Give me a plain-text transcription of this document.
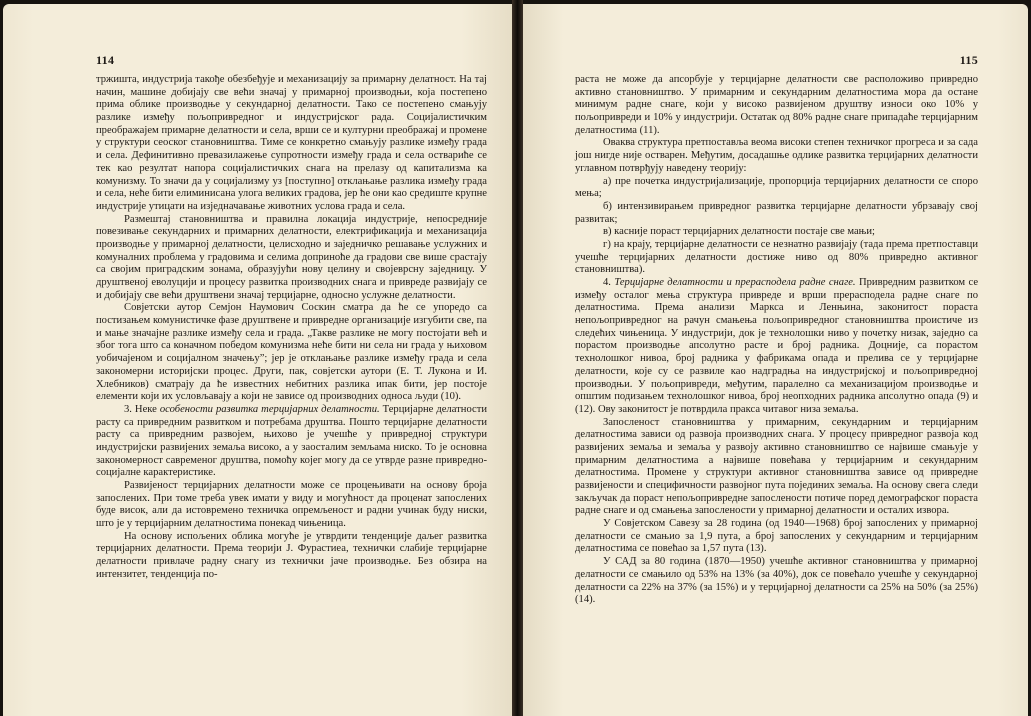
114

тржишта, индустрија такође обезбеђује и механизацију за примарну делатност. На тај начин, машине добијају све већи значај у примарној производњи, која постепено прима облике производње у секундарној делатности. Тако се постепено смањују разлике између пољопривредног и индустријског рада. Социјалистичким преображајем примарне делатности и села, врши се и културни преображај и промене у структури сеоског становништва. Тиме се конкретно смањују разлике између града и села. Дефинитивно превазилажење супротности између града и села оствариће се тек као резултат напора социјалистичких снага на прелазу од капитализма ка комунизму. То значи да у социјализму уз [поступно] отклањање разлика између града и села, неће бити елиминисана улога великих градова, јер ће они као средиште крупне индустрије утицати на изједначавање животних услова града и села.

Размештај становништва и правилна локација индустрије, непосредније повезивање секундарних и примарних делатности, електрификација и механизација производње у примарној делатности, целисходно и заједничко решавање услужних и комуналних проблема у градовима и селима доприноће да градови све више срастају са својим приградским зонама, образујући нову целину и својеврсну заједницу. У друштвеној еволуцији и процесу развитка производних снага и привреде развијају се и добијају све већи друштвени значај терцијарне, односно услужне делатности.

Совјетски аутор Семјон Наумович Соскин сматра да ће се упоредо са постизањем комунистичке фазе друштвене и привредне организације изгубити све, па и мање значајне разлике између села и града. „Такве разлике не могу постојати већ и због тога што са коначном победом комунизма неће бити ни села ни града у њиховом уобичајеном и социјалном значењу”; јер је отклањање разлике између града и села закономерни историјски процес. Други, пак, совјетски аутори (Е. Т. Луконa и И. Хлебников) сматрају да ће известних небитних разлика ипак бити, јер постоје елементи који их условљавају а који не зависе од производних односа људи (10).

3. Неке особености развитка терцијарних делатности. Терцијарне делатности расту са привредним развитком и потребама друштва. Пошто терцијарне делатности расту са привредним развојем, њихово је учешће у привредној структури индустријски развијених земаља високо, а у заосталим земљама ниско. То је основна закономерност савременог друштва, помоћу којег могу да се утврде разне привредно-социјалне карактеристике.

Развијеност терцијарних делатности може се процењивати на основу броја запослених. При томе треба увек имати у виду и могућност да проценат запослених буде висок, али да истовремено техничка опремљеност и радни учинак буду ниски, што је у терцијарним делатностима понекад чињеница.

На основу испољених облика могуће је утврдити тенденције даљег развитка терцијарних делатности. Према теорији Ј. Фурастиеа, технички слабије терцијарне делатности привлаче радну снагу из технички јаче производње. Без обзира на интензитет, тенденција по-

115

раста не може да апсорбује у терцијарне делатности све расположиво привредно активно становништво. У примарним и секундарним делатностима мора да остане минимум радне снаге, који у високо развијеном друштву износи око 10% у пољопривреди и 10% у индустрији. Остатак од 80% радне снаге припадаће терцијарним делатностима (11).

Оваква структура претпоставља веома високи степен техничког прогреса и за сада још нигде није остварен. Међутим, досадашње одлике развитка терцијарних делатности углавном потврђују наведену теорију:

а) пре почетка индустријализације, пропорција терцијарних делатности се споро мења;

б) интензивирањем привредног развитка терцијарне делатности убрзавају свој развитак;

в) касније пораст терцијарних делатности постаје све мањи;

г) на крају, терцијарне делатности се незнатно развијају (тада према претпоставци учешће терцијарних делатности достиже ниво од 80% привредно активног становништва).

4. Терцијарне делатности и прерасподела радне снаге. Привредним развитком се између осталог мења структура привреде и врши прерасподела радне снаге по делатностима. Према анализи Маркса и Ленњина, законитост пораста непољопривредног на рачун смањења пољопривредног становништва проистиче из следећих чињеница. У индустрији, док је технолошки ниво у почетку низак, заједно са порастом производње апсолутно расте и број радника. Доцније, са порастом технолошког нивоа, број радника у фабрикама опада и прелива се у терцијарне делатности, које су се развиле као надградња на индустријској и пољопривредној производњи. У пољопривреди, међутим, паралелно са механизацијом производње и општим подизањем технолошког нивоа, број неопходних радника апсолутно опада (9) и (12). Ову законитост је потврдила пракса читавог низа земаља.

Запосленост становништва у примарним, секундарним и терцијарним делатностима зависи од развоја производних снага. У процесу привредног развоја код развијених земаља и земаља у развоју активно становништво се највише смањује у примарним делатностима а највише повећава у терцијарним и секундарним делатностима. Промене у структури активног становништва зависе од привредне развијености и специфичности развојног пута појединих земаља. На основу свега следи закључак да пораст непољопривредне запослености потиче поред демографског пораста радне снаге и од смањења запослености у примарној делатности и осталих извора.

У Совјетском Савезу за 28 година (од 1940—1968) број запослених у примарној делатности се смањио за 1,9 пута, а број запослених у секундарним и терцијарним делатностима се повећао за 1,57 пута (13).

У САД за 80 година (1870—1950) учешће активног становништва у примарној делатности се смањило од 53% на 13% (за 40%), док се повећало учешће у секундарној делатности са 22% на 37% (за 15%) и у терцијарној делатности са 25% на 50% (за 25%) (14).
